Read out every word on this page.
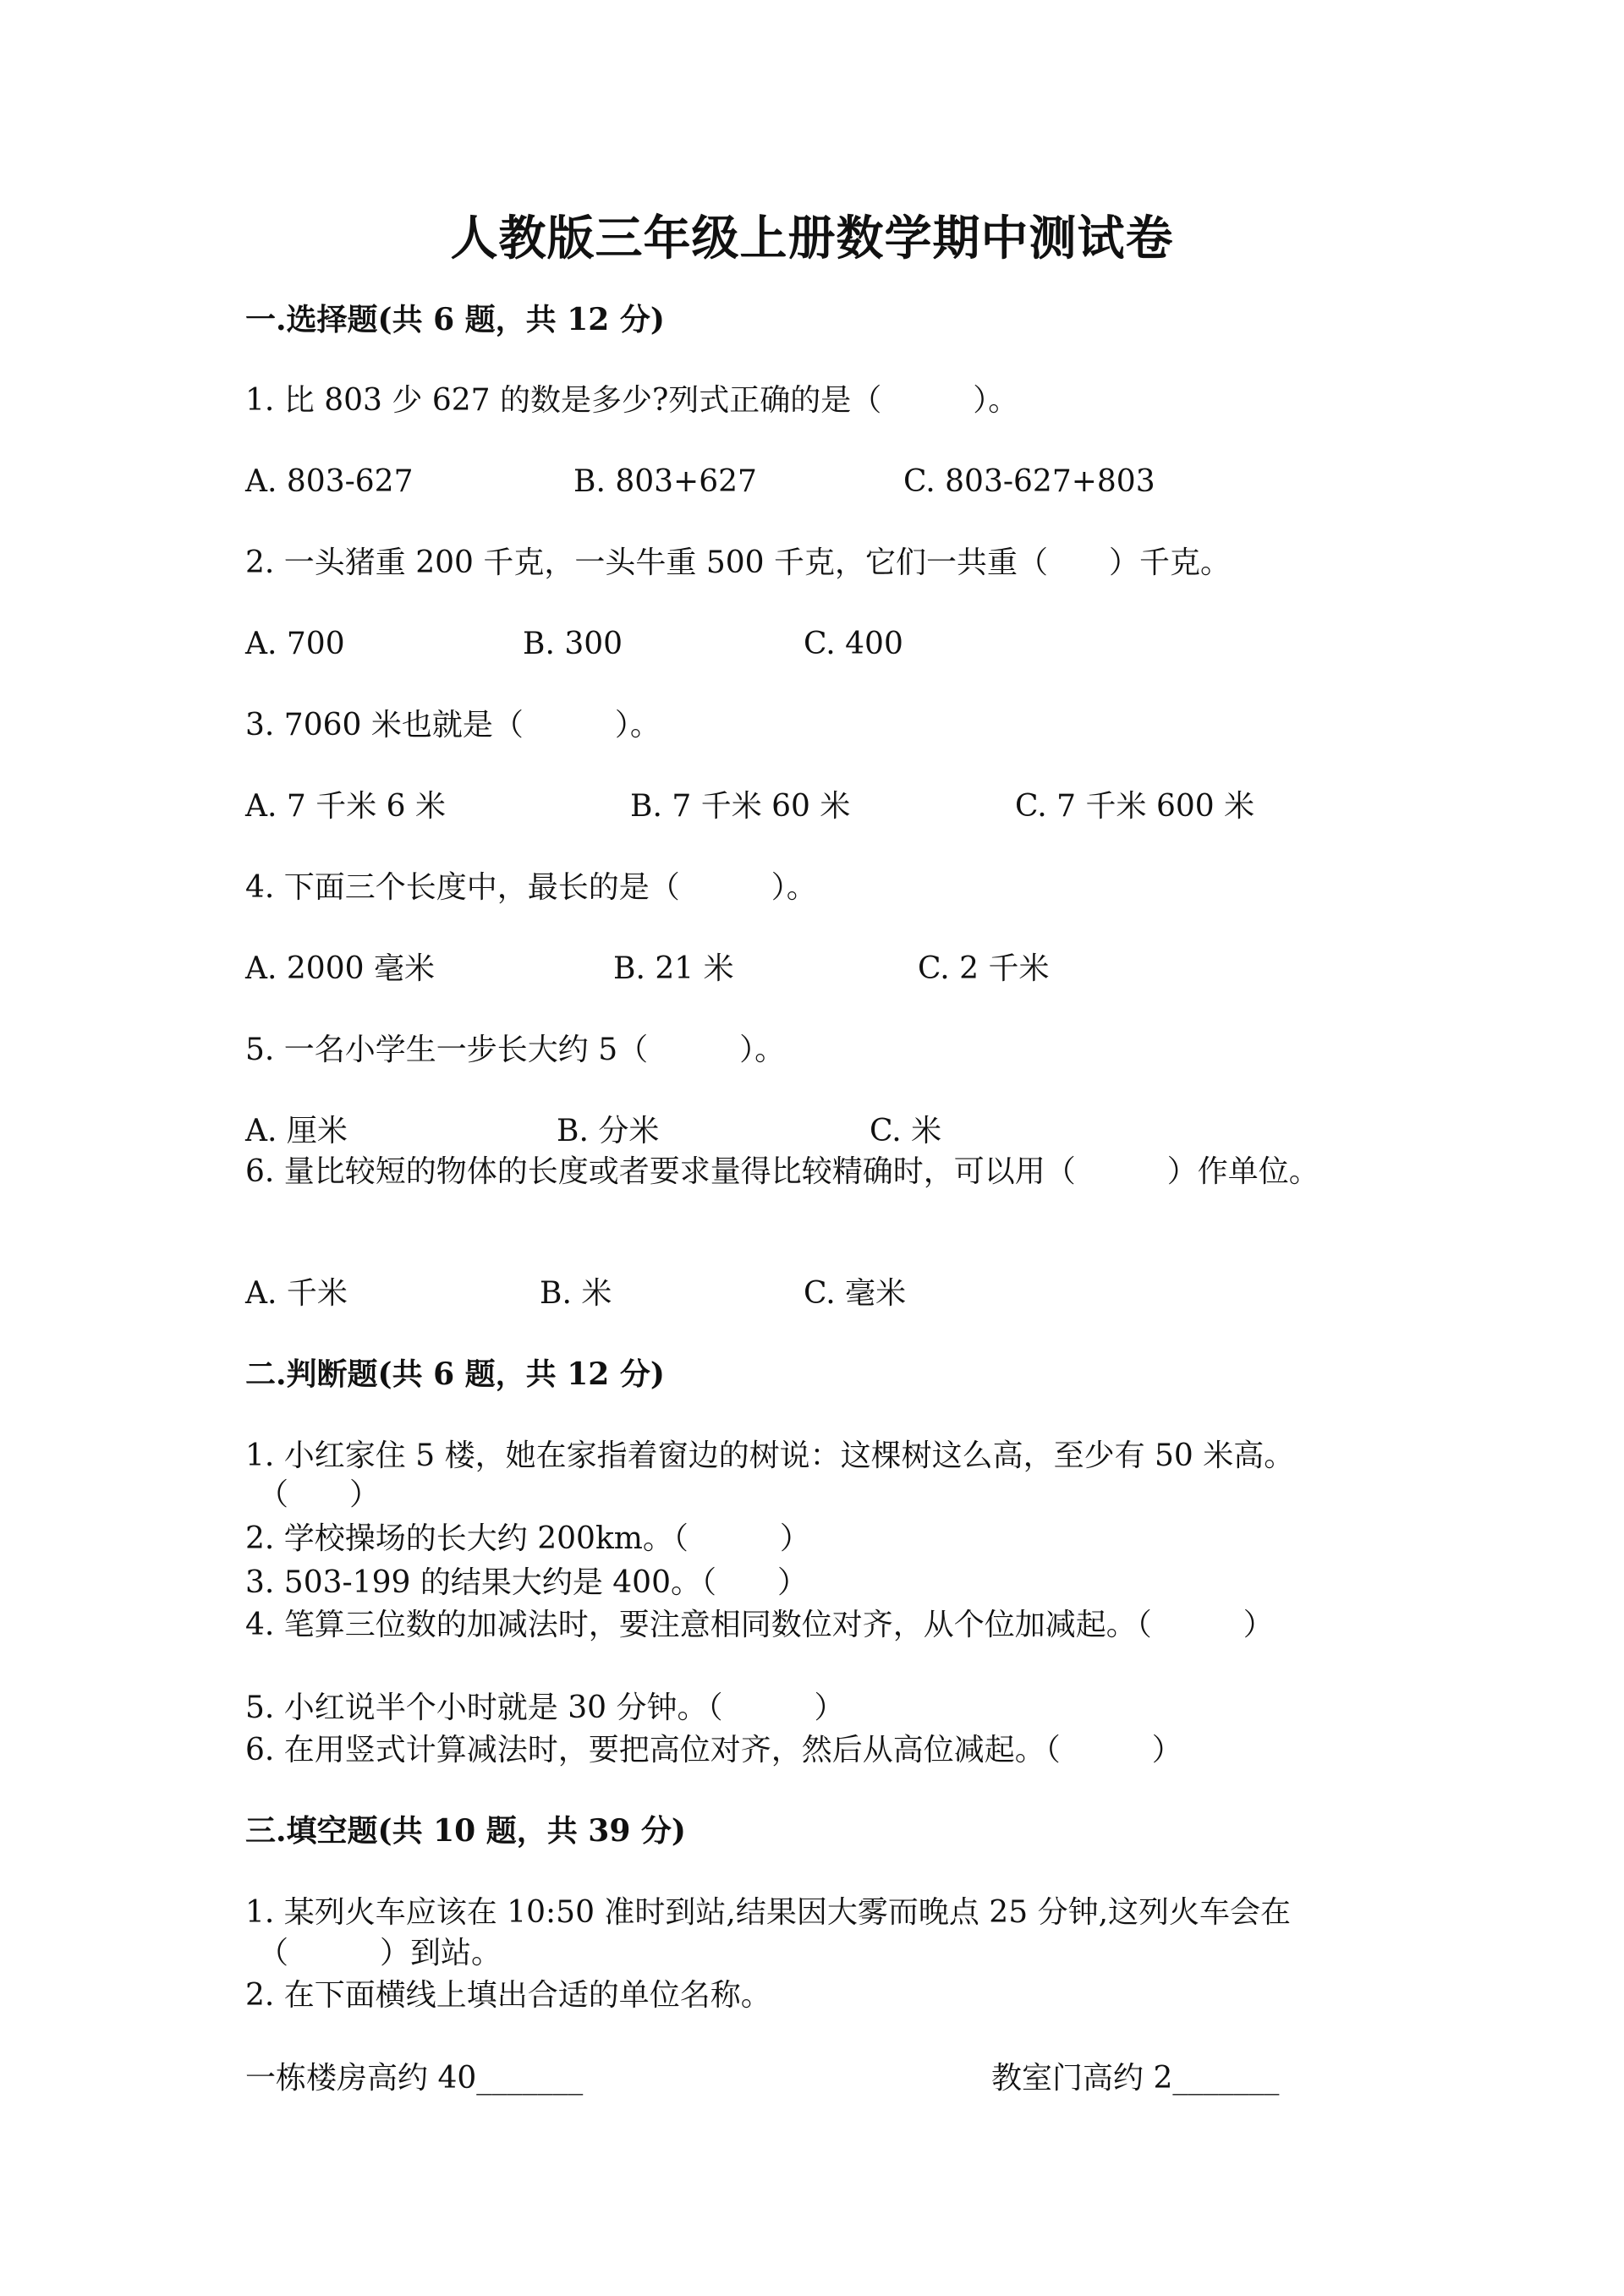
人教版三年级上册数学期中测试卷
一.选择题(共 6 题，共 12 分)
1. 比 803 少 627 的数是多少?列式正确的是（　　　）。
A. 803-627	B. 803+627	C. 803-627+803
2. 一头猪重 200 千克，一头牛重 500 千克，它们一共重（　　）千克。
A. 700	B. 300	C. 400
3. 7060 米也就是（　　　）。
A. 7 千米 6 米	B. 7 千米 60 米	C. 7 千米 600 米
4. 下面三个长度中，最长的是（　　　）。
A. 2000 毫米	B. 21 米	C. 2 千米
5. 一名小学生一步长大约 5（　　　）。
A. 厘米	B. 分米	C. 米
6. 量比较短的物体的长度或者要求量得比较精确时，可以用（　　　）作单位。
A. 千米	B. 米	C. 毫米
二.判断题(共 6 题，共 12 分)
1. 小红家住 5 楼，她在家指着窗边的树说：这棵树这么高，至少有 50 米高。
（　　）
2. 学校操场的长大约 200km。（　　　）
3. 503-199 的结果大约是 400。（　　）
4. 笔算三位数的加减法时，要注意相同数位对齐，从个位加减起。（　　　）
5. 小红说半个小时就是 30 分钟。（　　　）
6. 在用竖式计算减法时，要把高位对齐，然后从高位减起。（　　　）
三.填空题(共 10 题，共 39 分)
1. 某列火车应该在 10:50 准时到站,结果因大雾而晚点 25 分钟,这列火车会在
（　　　）到站。
2. 在下面横线上填出合适的单位名称。
一栋楼房高约 40_______	教室门高约 2_______
